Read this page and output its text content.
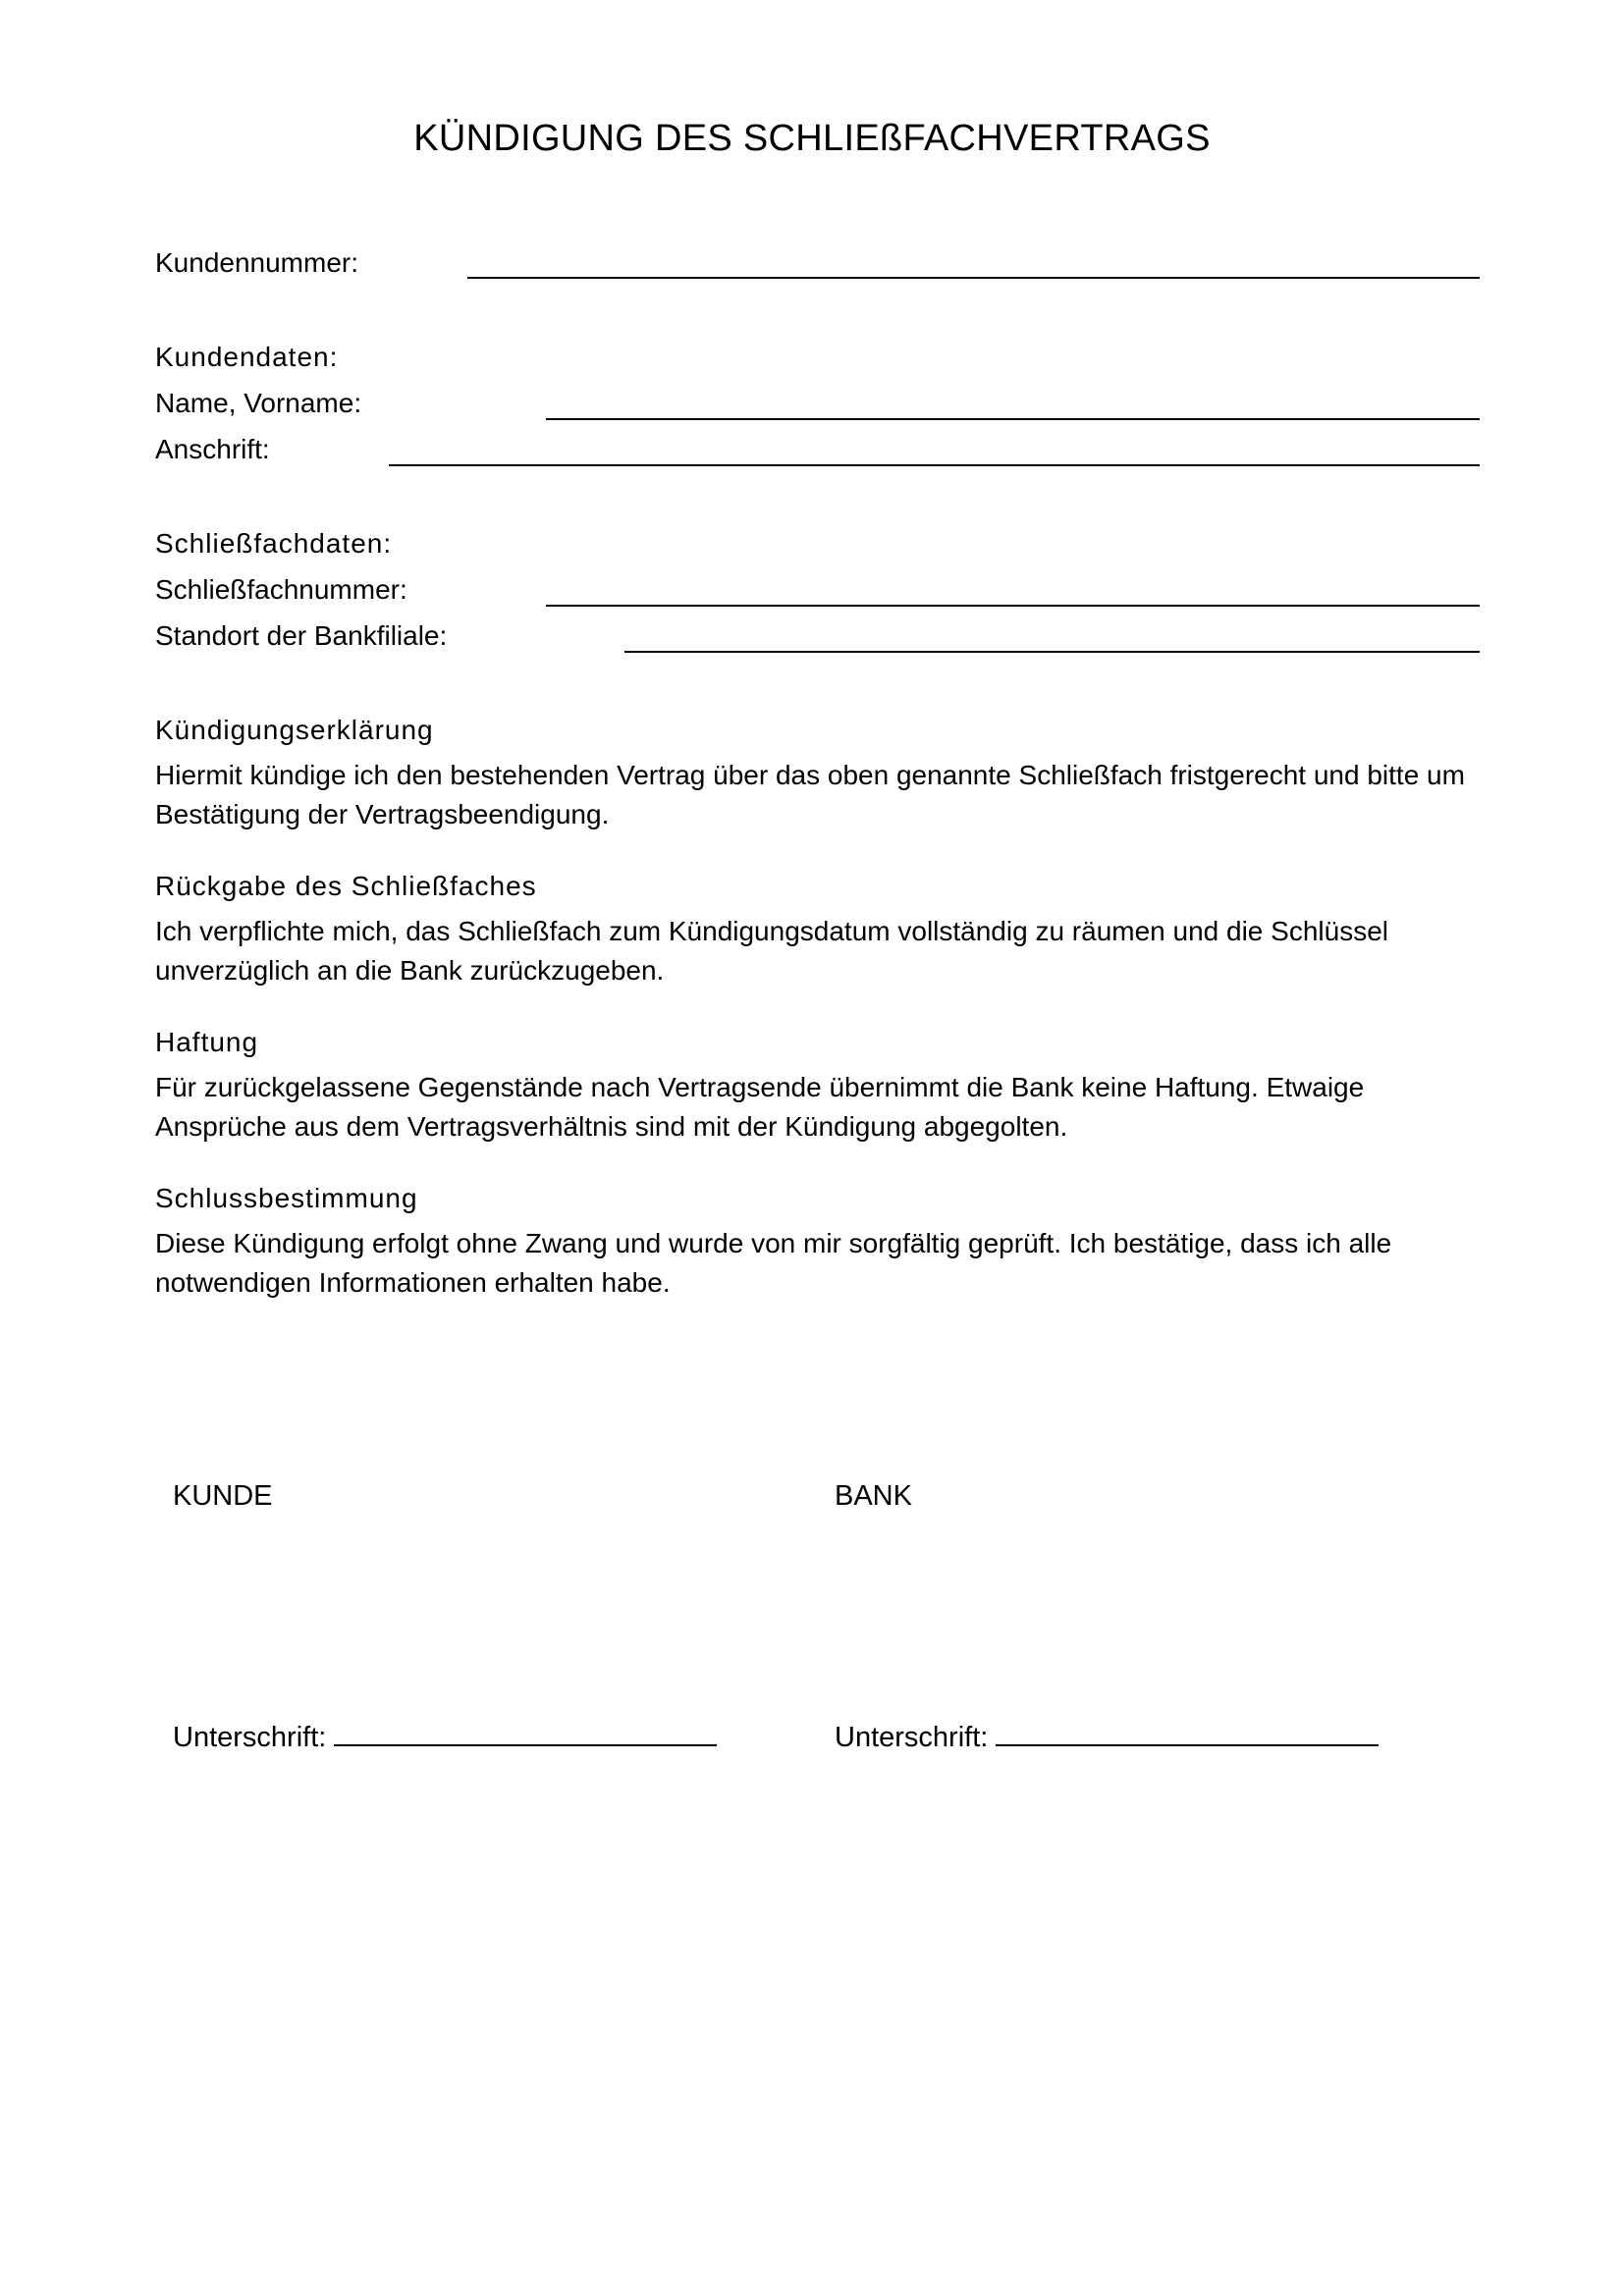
KÜNDIGUNG DES SCHLIEßFACHVERTRAGS
Kundennummer:
Kundendaten:
Name, Vorname:
Anschrift:
Schließfachdaten:
Schließfachnummer:
Standort der Bankfiliale:
Kündigungserklärung
Hiermit kündige ich den bestehenden Vertrag über das oben genannte Schließfach fristgerecht und bitte um Bestätigung der Vertragsbeendigung.
Rückgabe des Schließfaches
Ich verpflichte mich, das Schließfach zum Kündigungsdatum vollständig zu räumen und die Schlüssel unverzüglich an die Bank zurückzugeben.
Haftung
Für zurückgelassene Gegenstände nach Vertragsende übernimmt die Bank keine Haftung. Etwaige Ansprüche aus dem Vertragsverhältnis sind mit der Kündigung abgegolten.
Schlussbestimmung
Diese Kündigung erfolgt ohne Zwang und wurde von mir sorgfältig geprüft. Ich bestätige, dass ich alle notwendigen Informationen erhalten habe.
KUNDE	BANK
Unterschrift:	Unterschrift:
